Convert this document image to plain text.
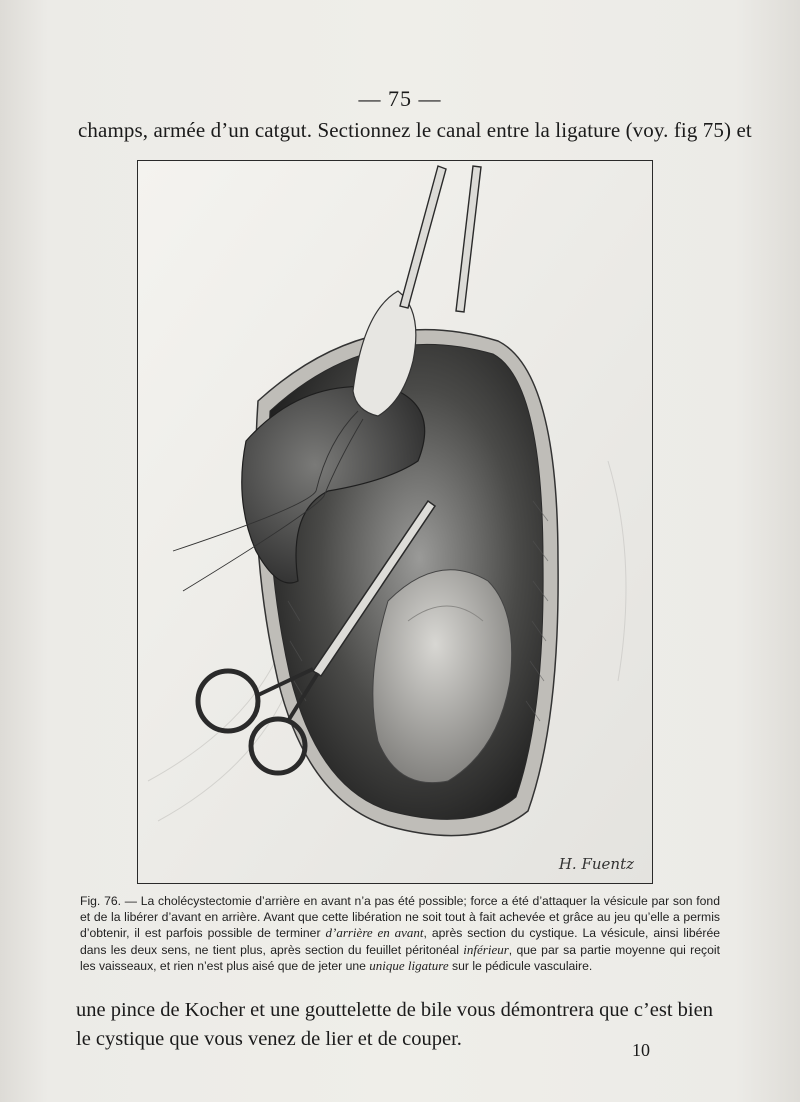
— 75 —
champs, armée d’un catgut. Sectionnez le canal entre la ligature (voy. fig 75) et
H. Fuentz
Fig. 76. — La cholécystectomie d’arrière en avant n’a pas été possible; force a été d’attaquer la vésicule par son fond et de la libérer d’avant en arrière. Avant que cette libération ne soit tout à fait achevée et grâce au jeu qu’elle a permis d’obtenir, il est parfois possible de terminer d’arrière en avant, après section du cystique. La vésicule, ainsi libérée dans les deux sens, ne tient plus, après section du feuillet péritonéal inférieur, que par sa partie moyenne qui reçoit les vaisseaux, et rien n’est plus aisé que de jeter une unique ligature sur le pédicule vasculaire.
une pince de Kocher et une gouttelette de bile vous démontrera que c’est bien
le cystique que vous venez de lier et de couper.	10
